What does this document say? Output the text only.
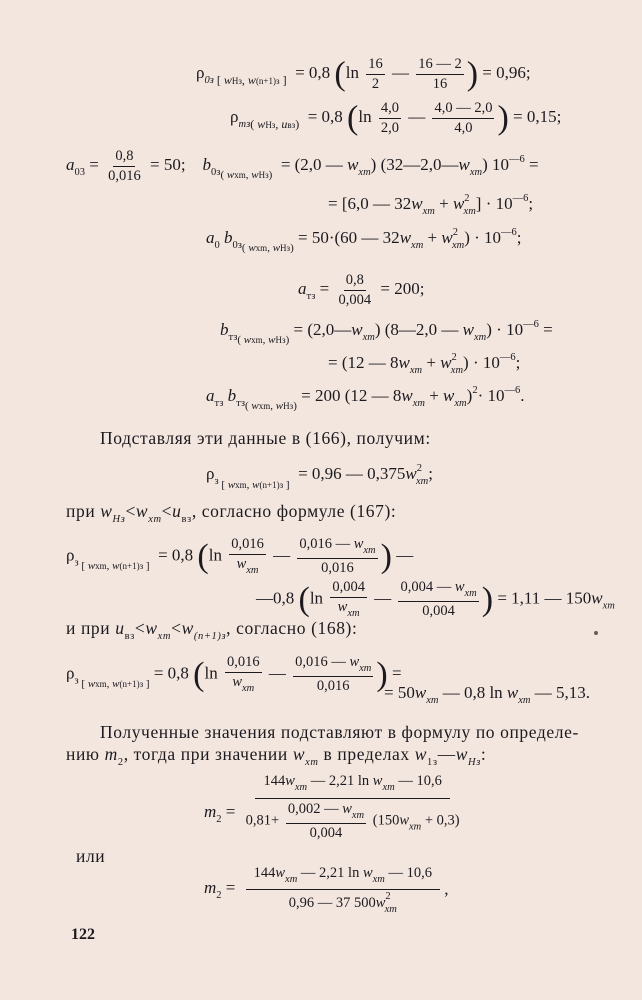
$\rho_{0з}$ $_{[ wHз, w(n+1)з ]}$  = 0,8 ($\ln \frac{16}{2}$ — $\frac{16 — 2}{16}$ ) = 0,96;
$\rho_{тз( wHз, uвз)} = 0,8$ ($\ln \frac{4,0}{2,0}$ — $\frac{4,0 — 2,0}{4,0}$ ) = 0,15;
$a_{03} = \frac{0,8}{0,016} = 50$; $b_{0з( wxm, wHз)} = (2,0$ — $w_{xm}$) $(32—2,0—w_{xm}) 10^{—6}$ =
= [6,0 — $32w_{xm} + w^2_{xm}] \cdot 10^{—6}$;
$a_0$ $b_{0з( wxm, wHз)} = 50\cdot(60$ — $32w_{xm} + w^2_{xm}) \cdot 10^{—6}$;
$a_{тз} = \frac{0,8}{0,004} = 200$;
$b_{тз( wxm, wHз)}$ = $(2,0—w_{xm})$ (8—2,0 — $w_{xm}) \cdot 10^{—6}$ =
= (12 — $8w_{xm} + w^2_{xm}) \cdot 10^{—6}$;
$a_{тз}$ $b_{тз( wxm, wHз)} = 200$ (12 — $8w_{xm} + w_{xm})^2\cdot 10^{—6}$.
Подставляя эти данные в (166), получим:
$\rho_з$ $_{[ wxm, w(n+1)з ]}$  = 0,96 — $0,375w^2_{xm}$;
при $w_{Hз}<w_{xm}<u_{вз}$, согласно формуле (167):
$\rho_з$ $_{[ wxm, w(n+1)з ]}$  = 0,8 ($\ln \frac{0,016}{w_{xm}}$ — $\frac{0,016 — w_{xm}}{0,016}$ ) —
—0,8 ($\ln \frac{0,004}{w_{xm}}$ — $\frac{0,004 — w_{xm}}{0,004}$ ) = 1,11 — $150w_{xm}$
и при $u_{вз}<w_{xm}<w_{(n+1)з}$, согласно (168):
$\rho_з$ $_{[ wxm, w(n+1)з ]}$ = 0,8 ($\ln \frac{0,016}{w_{xm}}$ — $\frac{0,016 — w_{xm}}{0,016}$ ) =
= $50w_{xm}$ — 0,8 $\ln w_{xm}$ — 5,13.
Полученные значения подставляют в формулу по определе-
нию $m_2$, тогда при значении $w_{xm}$ в пределах $w_{1з}—w_{Hз}$:
$m_2$ =
$144w_{xm}$ — 2,21 $\ln w_{xm}$ — 10,6
$0,81+ \frac{0,002 — w_{xm}}{0,004} (150w_{xm} + 0,3)$
или
$m_2$ =
$144w_{xm}$ — 2,21 $\ln w_{xm}$ — 10,6
0,96 — 37 $500w^2_{xm}$
,
122
